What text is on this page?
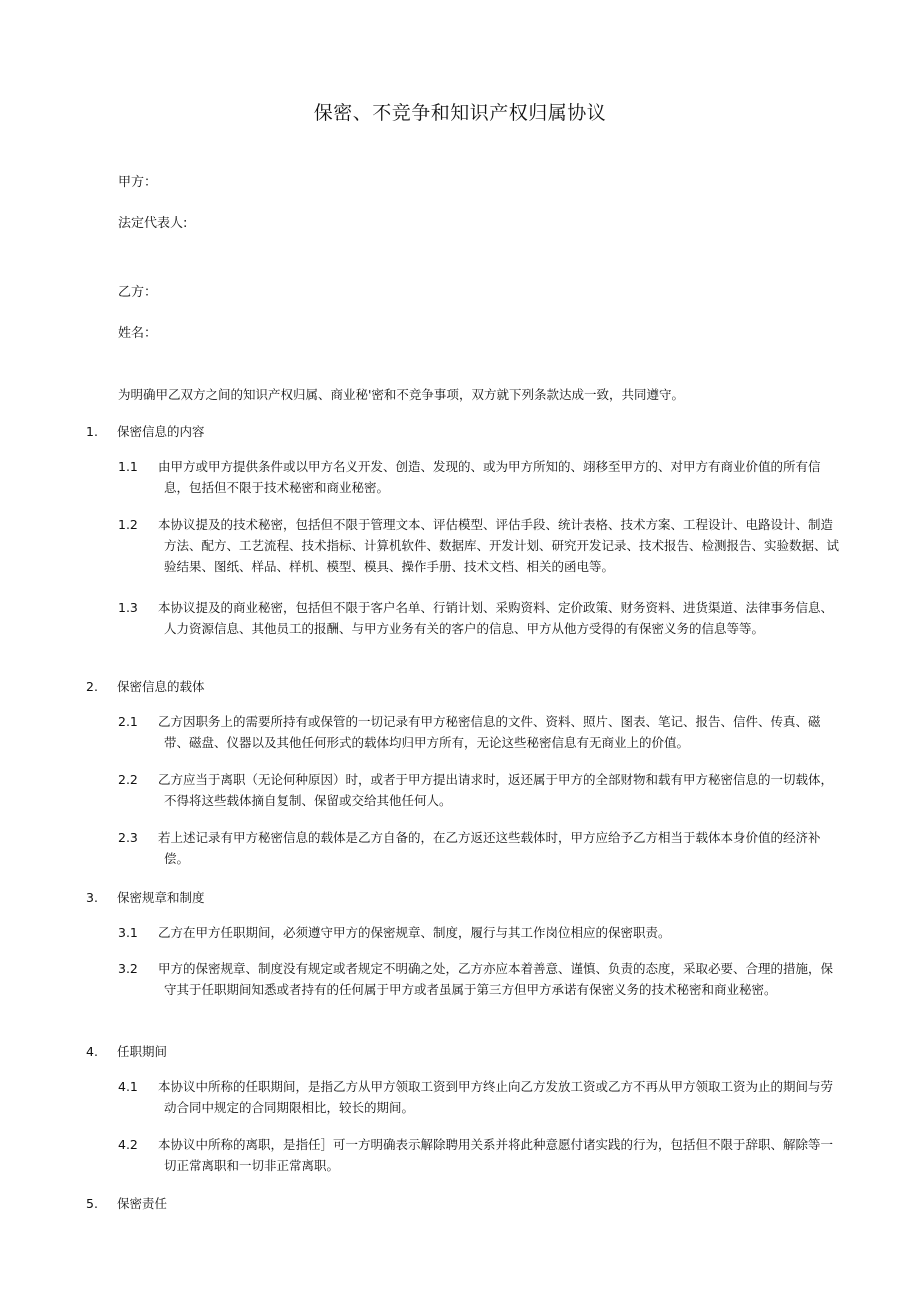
保密、不竞争和知识产权归属协议
甲方：
法定代表人:
乙方：
姓名：
为明确甲乙双方之间的知识产权归属、商业秘'密和不竞争事项，双方就下列条款达成一致，共同遵守。
1. 保密信息的内容
1.1 由甲方或甲方提供条件或以甲方名义开发、创造、发现的、或为甲方所知的、翊移至甲方的、对甲方有商业价值的所有信息，包括但不限于技术秘密和商业秘密。
1.2 本协议提及的技术秘密，包括但不限于管理文本、评估模型、评估手段、统计表格、技术方案、工程设计、电路设计、制造方法、配方、工艺流程、技术指标、计算机软件、数据库、开发计划、研究开发记录、技术报告、检测报告、实验数据、试验结果、图纸、样品、样机、模型、模具、操作手册、技术文档、相关的函电等。
1.3 本协议提及的商业秘密，包括但不限于客户名单、行销计划、采购资料、定价政策、财务资料、进货渠道、法律事务信息、人力资源信息、其他员工的报酬、与甲方业务有关的客户的信息、甲方从他方受得的有保密义务的信息等等。
2. 保密信息的载体
2.1 乙方因职务上的需要所持有或保管的一切记录有甲方秘密信息的文件、资料、照片、图表、笔记、报告、信件、传真、磁带、磁盘、仪器以及其他任何形式的载体均归甲方所有，无论这些秘密信息有无商业上的价值。
2.2 乙方应当于离职（无论何种原因）时，或者于甲方提出请求时，返还属于甲方的全部财物和载有甲方秘密信息的一切载体，不得将这些载体摘自复制、保留或交给其他任何人。
2.3 若上述记录有甲方秘密信息的载体是乙方自备的，在乙方返还这些载体时，甲方应给予乙方相当于载体本身价值的经济补偿。
3. 保密规章和制度
3.1 乙方在甲方任职期间，必须遵守甲方的保密规章、制度，履行与其工作岗位相应的保密职责。
3.2 甲方的保密规章、制度没有规定或者规定不明确之处，乙方亦应本着善意、谨慎、负责的态度，采取必要、合理的措施，保守其于任职期间知悉或者持有的任何属于甲方或者虽属于第三方但甲方承诺有保密义务的技术秘密和商业秘密。
4. 任职期间
4.1 本协议中所称的任职期间，是指乙方从甲方领取工资到甲方终止向乙方发放工资或乙方不再从甲方领取工资为止的期间与劳动合同中规定的合同期限相比，较长的期间。
4.2 本协议中所称的离职，是指任］可一方明确表示解除聘用关系并将此种意愿付诸实践的行为，包括但不限于辞职、解除等一切正常离职和一切非正常离职。
5. 保密责任
